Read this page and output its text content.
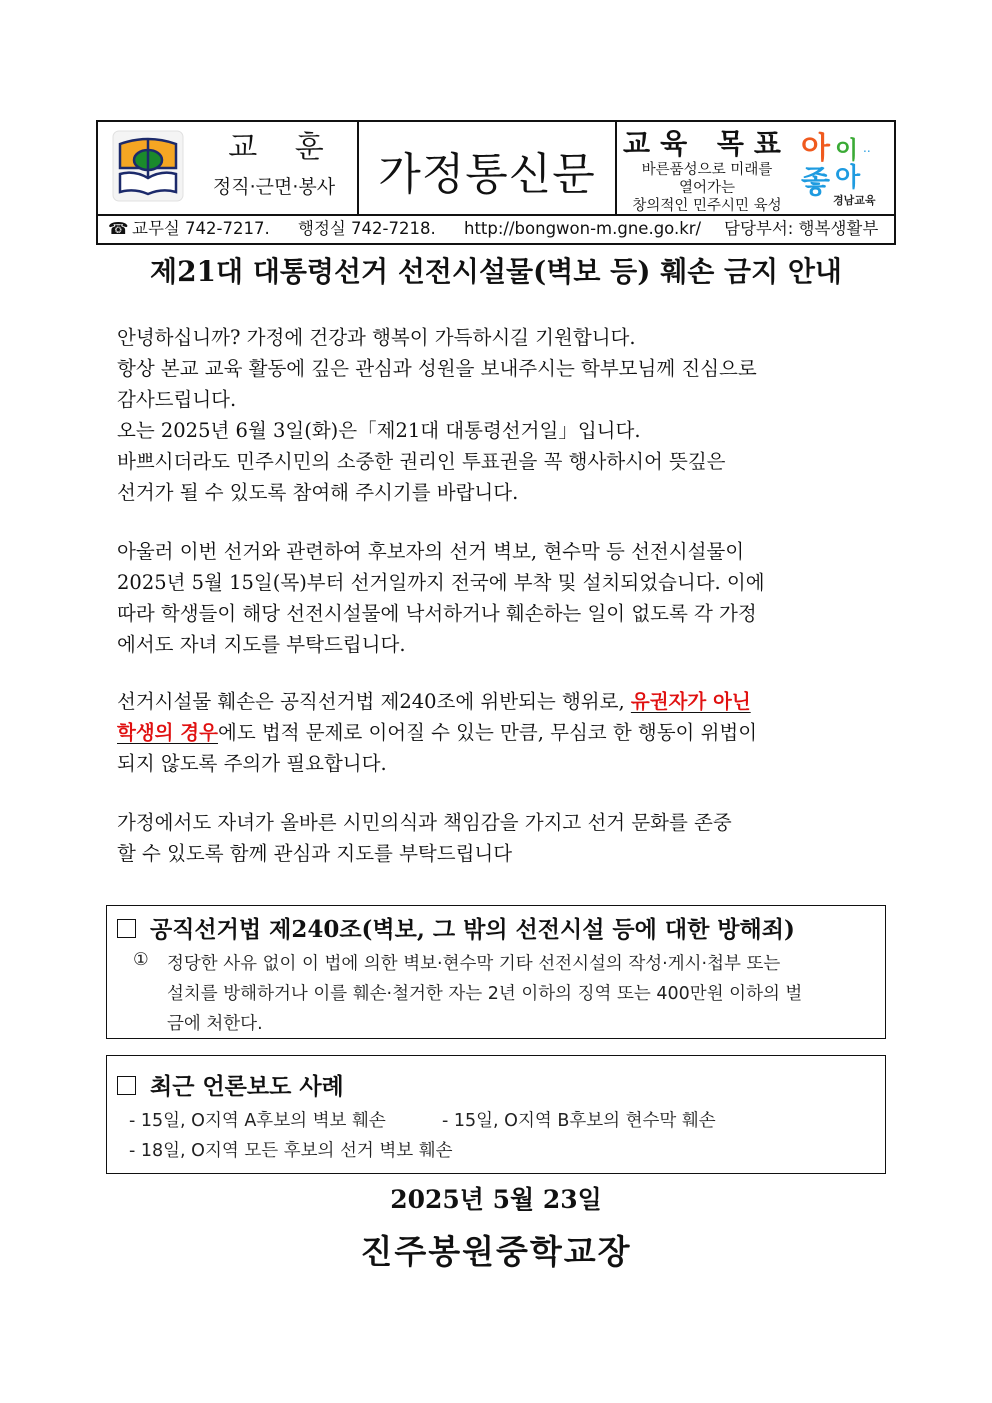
교 훈
정직·근면·봉사 가정통신문
교육 목표
바른품성으로 미래를
열어가는
창의적인 민주시민 육성
아 이 ..
좋 아
경남교육
☎ 교무실 742-7217. 행정실 742-7218. http://bongwon-m.gne.go.kr/ 담당부서: 행복생활부
제21대 대통령선거 선전시설물(벽보 등) 훼손 금지 안내
안녕하십니까? 가정에 건강과 행복이 가득하시길 기원합니다.
항상 본교 교육 활동에 깊은 관심과 성원을 보내주시는 학부모님께 진심으로
감사드립니다.
오는 2025년 6월 3일(화)은「제21대 대통령선거일」입니다.
바쁘시더라도 민주시민의 소중한 권리인 투표권을 꼭 행사하시어 뜻깊은
선거가 될 수 있도록 참여해 주시기를 바랍니다.
아울러 이번 선거와 관련하여 후보자의 선거 벽보, 현수막 등 선전시설물이
2025년 5월 15일(목)부터 선거일까지 전국에 부착 및 설치되었습니다. 이에
따라 학생들이 해당 선전시설물에 낙서하거나 훼손하는 일이 없도록 각 가정
에서도 자녀 지도를 부탁드립니다.
선거시설물 훼손은 공직선거법 제240조에 위반되는 행위로, 유권자가 아닌
학생의 경우에도 법적 문제로 이어질 수 있는 만큼, 무심코 한 행동이 위법이
되지 않도록 주의가 필요합니다.
가정에서도 자녀가 올바른 시민의식과 책임감을 가지고 선거 문화를 존중
할 수 있도록 함께 관심과 지도를 부탁드립니다
공직선거법 제240조(벽보, 그 밖의 선전시설 등에 대한 방해죄)
① 정당한 사유 없이 이 법에 의한 벽보·현수막 기타 선전시설의 작성·게시·첩부 또는
설치를 방해하거나 이를 훼손·철거한 자는 2년 이하의 징역 또는 400만원 이하의 벌
금에 처한다.
최근 언론보도 사례
- 15일, O지역 A후보의 벽보 훼손	- 15일, O지역 B후보의 현수막 훼손
- 18일, O지역 모든 후보의 선거 벽보 훼손
2025년 5월 23일
진주봉원중학교장
